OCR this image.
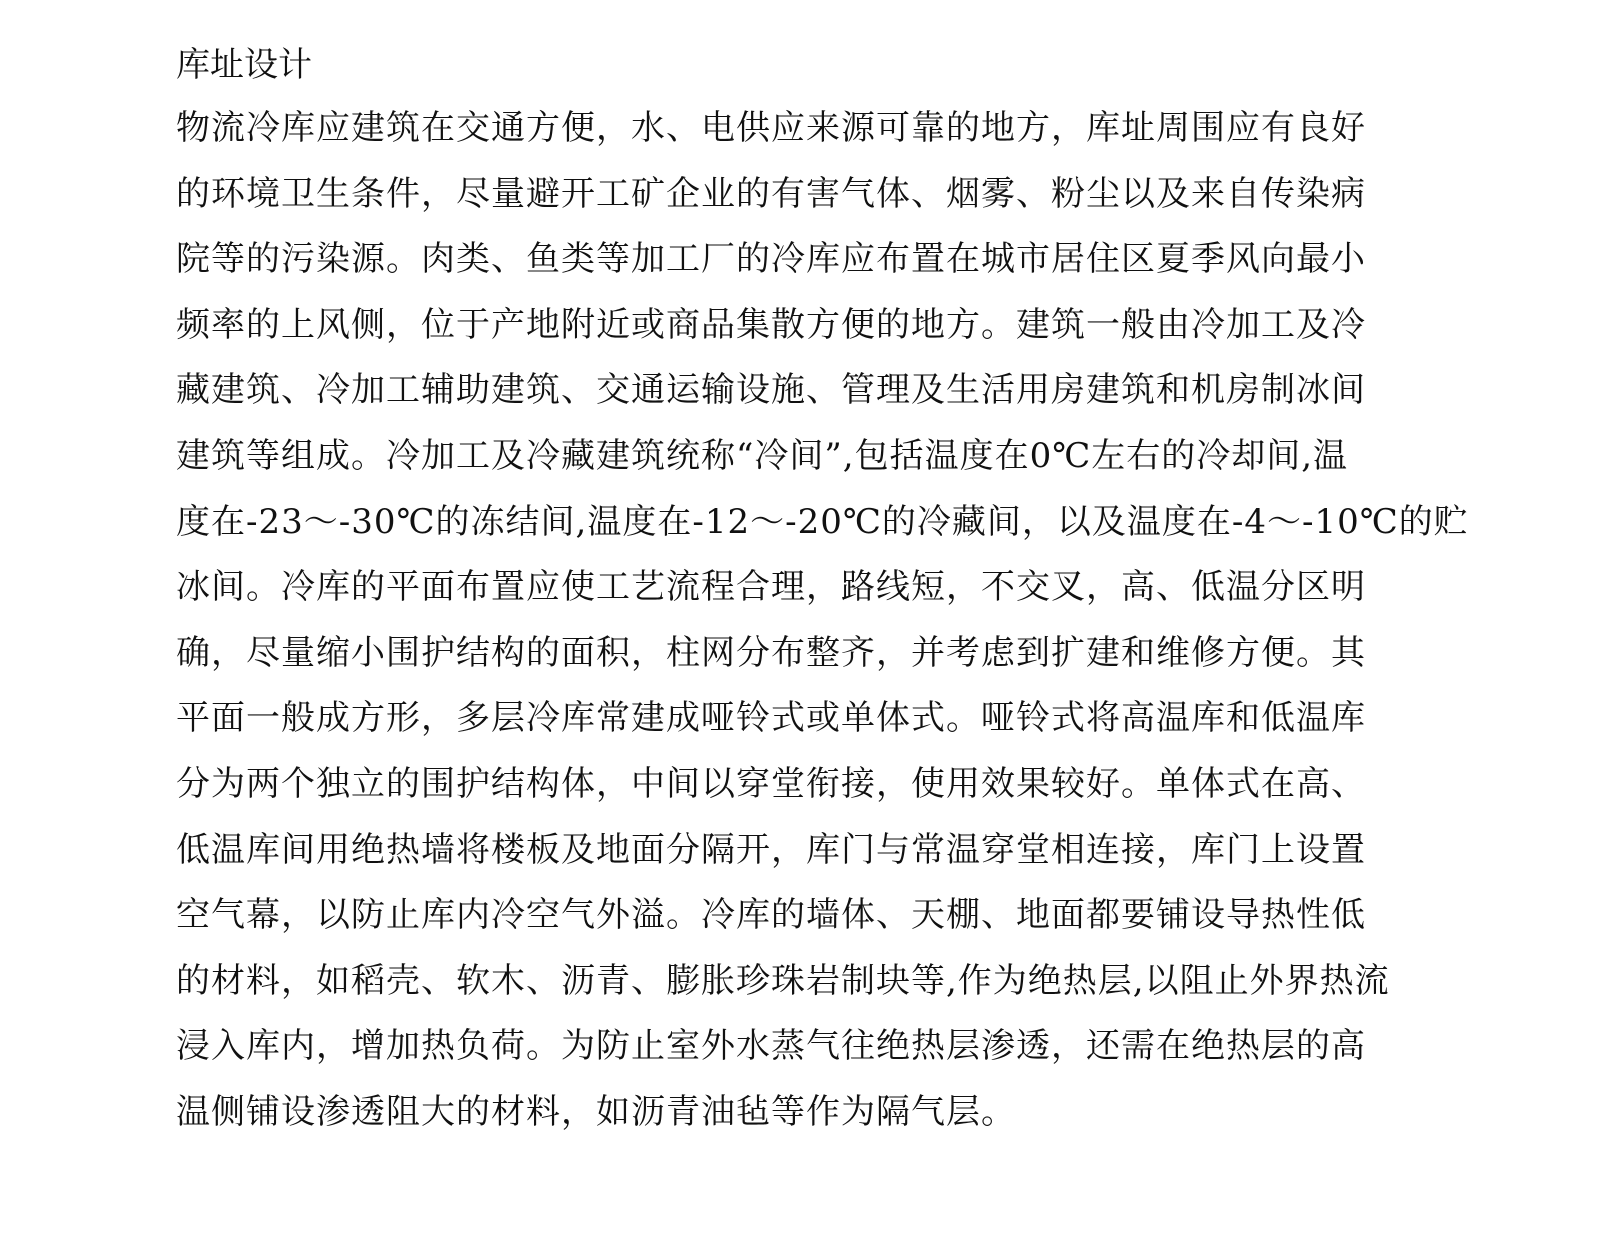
库址设计
物流冷库应建筑在交通方便，水、电供应来源可靠的地方，库址周围应有良好
的环境卫生条件，尽量避开工矿企业的有害气体、烟雾、粉尘以及来自传染病
院等的污染源。肉类、鱼类等加工厂的冷库应布置在城市居住区夏季风向最小
频率的上风侧，位于产地附近或商品集散方便的地方。建筑一般由冷加工及冷
藏建筑、冷加工辅助建筑、交通运输设施、管理及生活用房建筑和机房制冰间
建筑等组成。冷加工及冷藏建筑统称“冷间”,包括温度在0℃左右的冷却间,温
度在-23～-30℃的冻结间,温度在-12～-20℃的冷藏间，以及温度在-4～-10℃的贮
冰间。冷库的平面布置应使工艺流程合理，路线短，不交叉，高、低温分区明
确，尽量缩小围护结构的面积，柱网分布整齐，并考虑到扩建和维修方便。其
平面一般成方形，多层冷库常建成哑铃式或单体式。哑铃式将高温库和低温库
分为两个独立的围护结构体，中间以穿堂衔接，使用效果较好。单体式在高、
低温库间用绝热墙将楼板及地面分隔开，库门与常温穿堂相连接，库门上设置
空气幕，以防止库内冷空气外溢。冷库的墙体、天棚、地面都要铺设导热性低
的材料，如稻壳、软木、沥青、膨胀珍珠岩制块等,作为绝热层,以阻止外界热流
浸入库内，增加热负荷。为防止室外水蒸气往绝热层渗透，还需在绝热层的高
温侧铺设渗透阻大的材料，如沥青油毡等作为隔气层。
